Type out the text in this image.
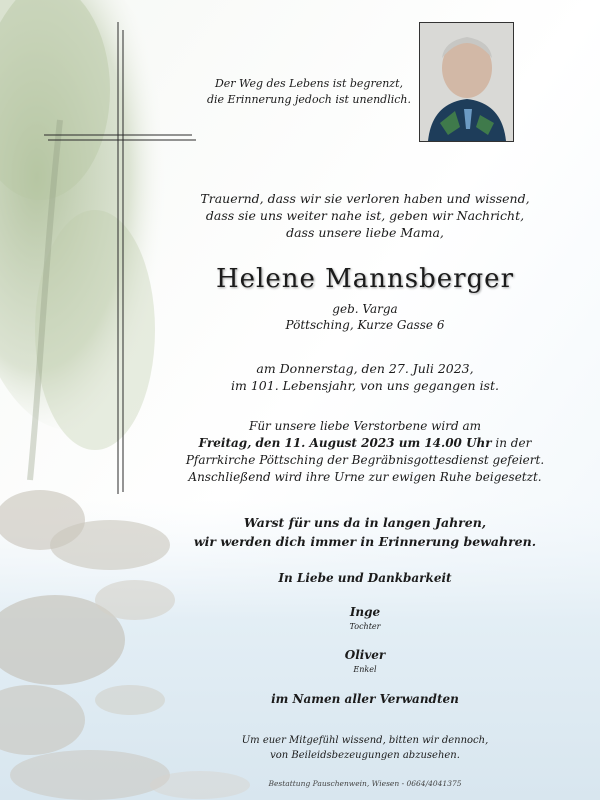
Der Weg des Lebens ist begrenzt,
die Erinnerung jedoch ist unendlich.
Trauernd, dass wir sie verloren haben und wissend,
dass sie uns weiter nahe ist, geben wir Nachricht,
dass unsere liebe Mama,
Helene Mannsberger
geb. Varga
Pöttsching, Kurze Gasse 6
am Donnerstag, den 27. Juli 2023,
im 101. Lebensjahr, von uns gegangen ist.
Für unsere liebe Verstorbene wird am
Freitag, den 11. August 2023 um 14.00 Uhr in der
Pfarrkirche Pöttsching der Begräbnisgottesdienst gefeiert.
Anschließend wird ihre Urne zur ewigen Ruhe beigesetzt.
Warst für uns da in langen Jahren,
wir werden dich immer in Erinnerung bewahren.
In Liebe und Dankbarkeit
Inge
Tochter
Oliver
Enkel
im Namen aller Verwandten
Um euer Mitgefühl wissend, bitten wir dennoch,
von Beileidsbezeugungen abzusehen.
Bestattung Pauschenwein, Wiesen - 0664/4041375
